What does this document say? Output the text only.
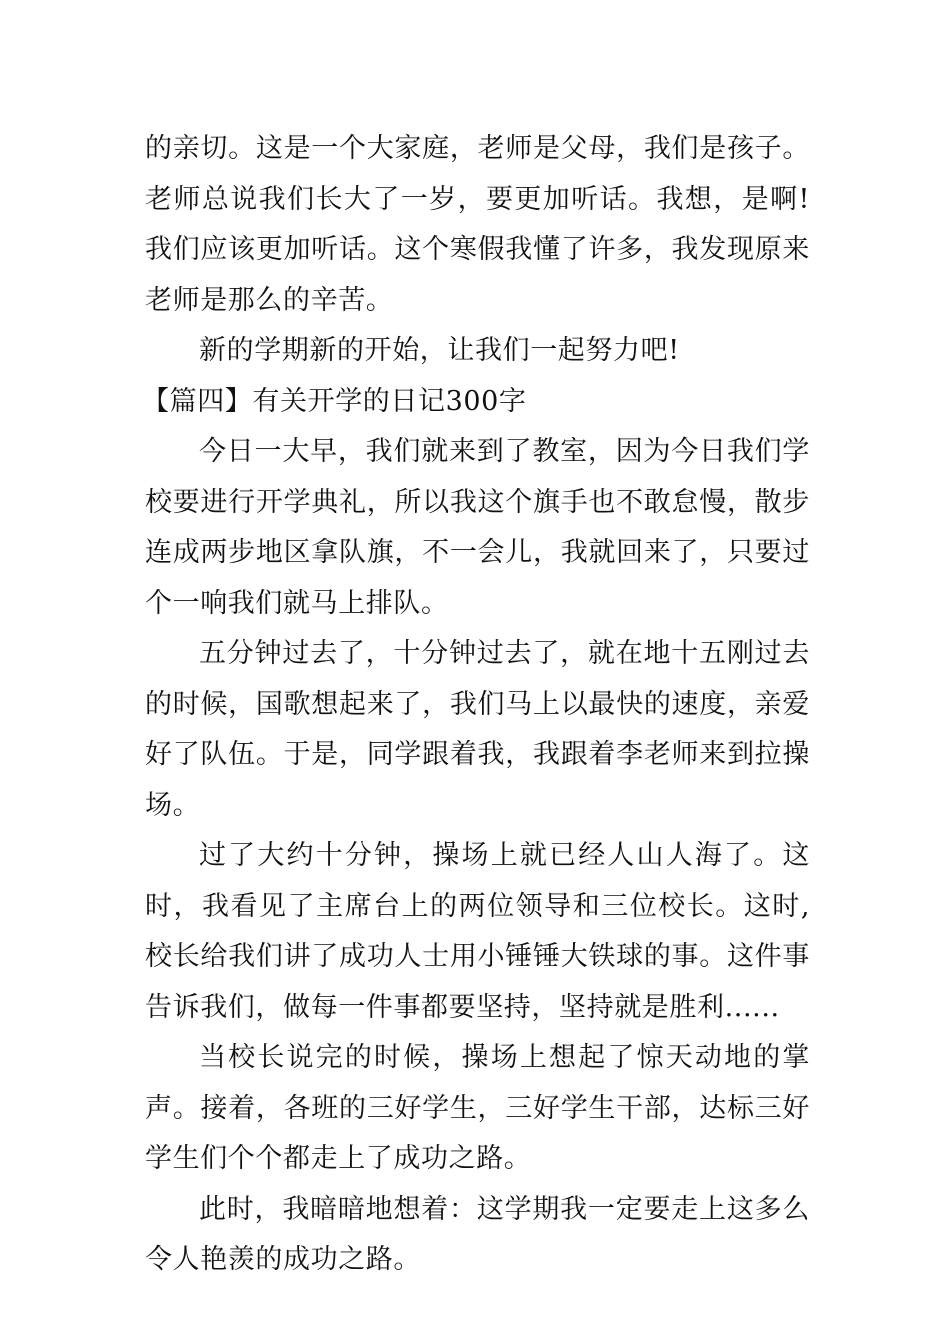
的亲切。这是一个大家庭，老师是父母，我们是孩子。老师总说我们长大了一岁，要更加听话。我想，是啊!我们应该更加听话。这个寒假我懂了许多，我发现原来老师是那么的辛苦。

新的学期新的开始，让我们一起努力吧!

【篇四】有关开学的日记300字

今日一大早，我们就来到了教室，因为今日我们学校要进行开学典礼，所以我这个旗手也不敢怠慢，散步连成两步地区拿队旗，不一会儿，我就回来了，只要过个一响我们就马上排队。

五分钟过去了，十分钟过去了，就在地十五刚过去的时候，国歌想起来了，我们马上以最快的速度，亲爱好了队伍。于是，同学跟着我，我跟着李老师来到拉操场。

过了大约十分钟，操场上就已经人山人海了。这时，我看见了主席台上的两位领导和三位校长。这时,校长给我们讲了成功人士用小锤锤大铁球的事。这件事告诉我们，做每一件事都要坚持，坚持就是胜利......

当校长说完的时候，操场上想起了惊天动地的掌声。接着，各班的三好学生，三好学生干部，达标三好学生们个个都走上了成功之路。

此时，我暗暗地想着：这学期我一定要走上这多么令人艳羡的成功之路。
